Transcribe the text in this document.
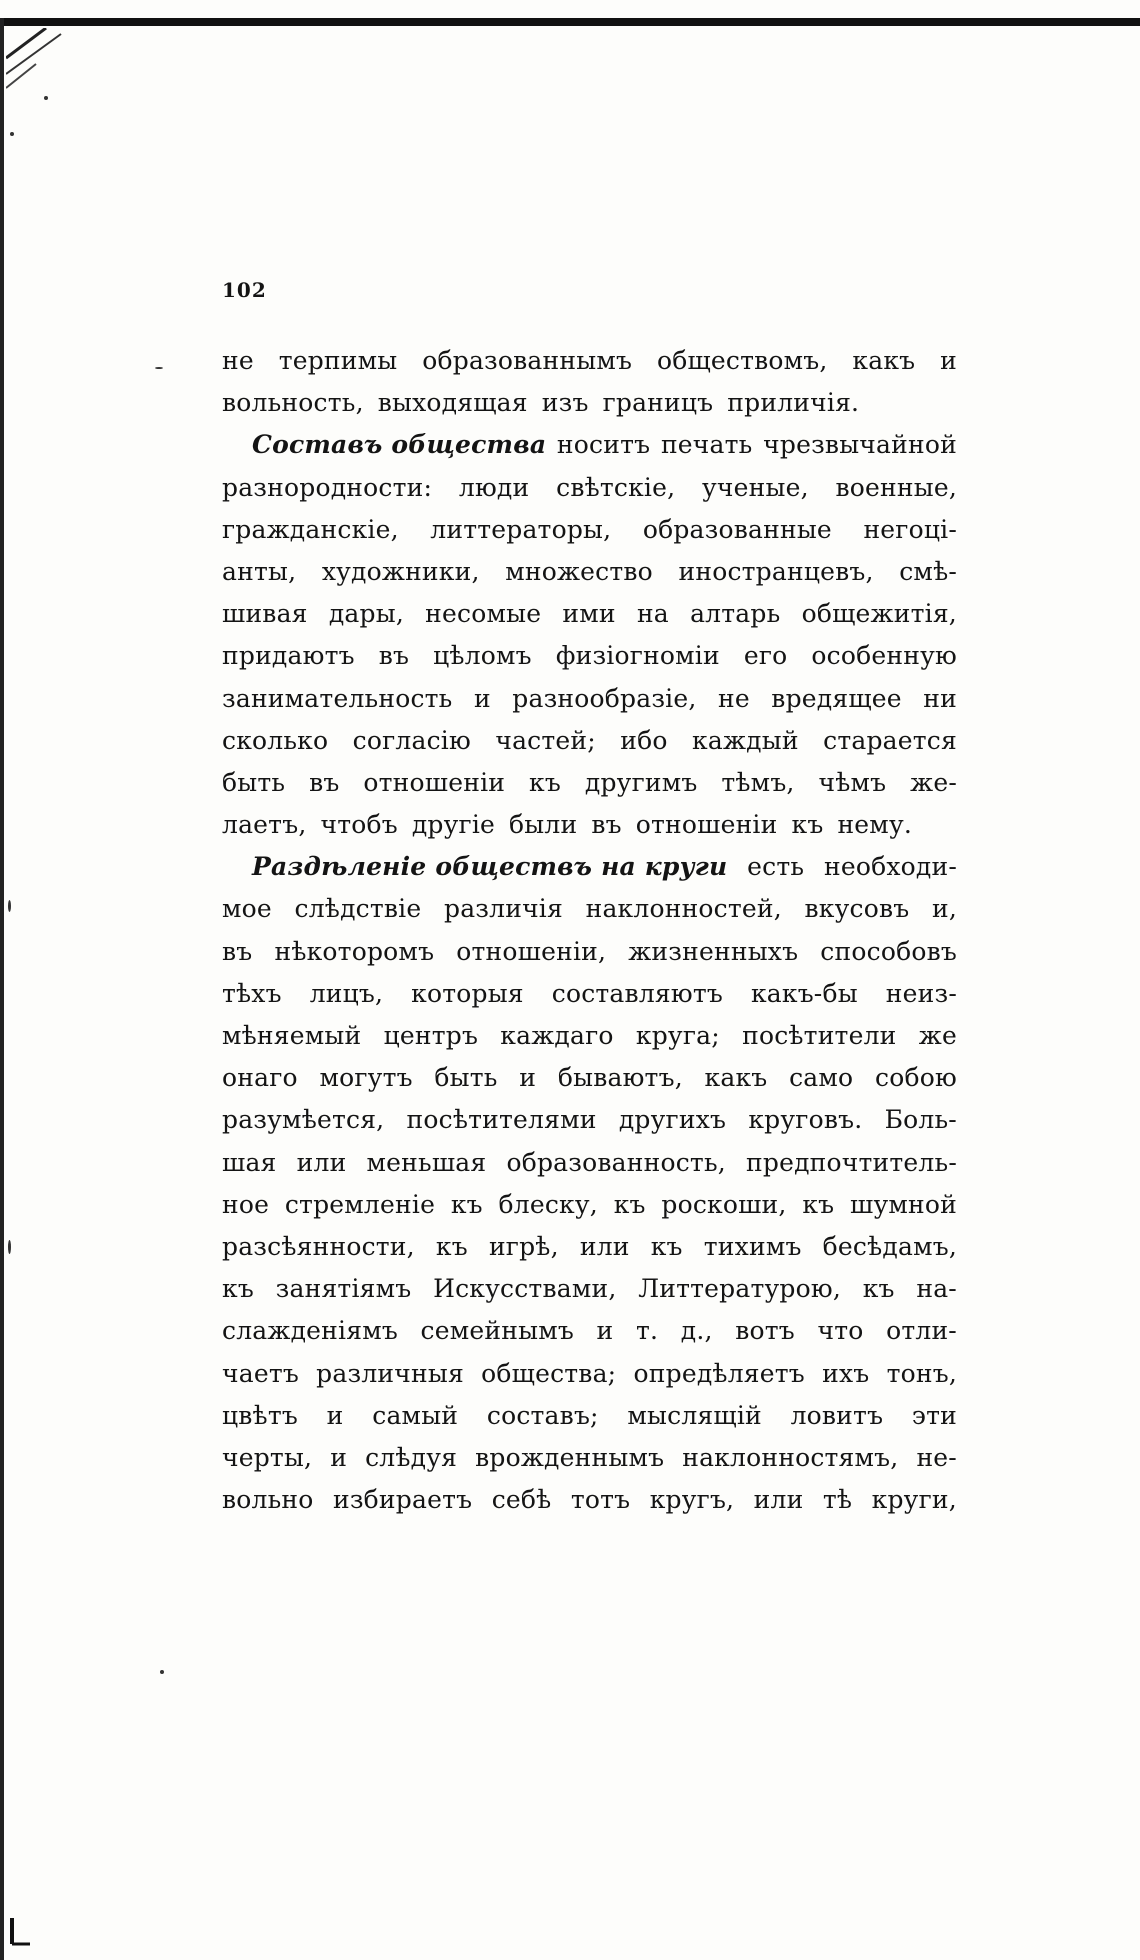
102
не терпимы образованнымъ обществомъ, какъ и
вольность, выходящая изъ границъ приличія.
Составъ общества носитъ печать чрезвычайной
разнородности: люди свѣтскіе, ученые, военные,
гражданскіе, литтераторы, образованные негоці-
анты, художники, множество иностранцевъ, смѣ-
шивая дары, несомые ими на алтарь общежитія,
придаютъ въ цѣломъ физіогноміи его особенную
занимательность и разнообразіе, не вредящее ни
сколько согласію частей; ибо каждый старается
быть въ отношеніи къ другимъ тѣмъ, чѣмъ же-
лаетъ, чтобъ другіе были въ отношеніи къ нему.
Раздѣленіе обществъ на круги есть необходи-
мое слѣдствіе различія наклонностей, вкусовъ и,
въ нѣкоторомъ отношеніи, жизненныхъ способовъ
тѣхъ лицъ, которыя составляютъ какъ-бы неиз-
мѣняемый центръ каждаго круга; посѣтители же
онаго могутъ быть и бываютъ, какъ само собою
разумѣется, посѣтителями другихъ круговъ. Боль-
шая или меньшая образованность, предпочтитель-
ное стремленіе къ блеску, къ роскоши, къ шумной
разсѣянности, къ игрѣ, или къ тихимъ бесѣдамъ,
къ занятіямъ Искусствами, Литтературою, къ на-
слажденіямъ семейнымъ и т. д., вотъ что отли-
чаетъ различныя общества; опредѣляетъ ихъ тонъ,
цвѣтъ и самый составъ; мыслящій ловитъ эти
черты, и слѣдуя врожденнымъ наклонностямъ, не-
вольно избираетъ себѣ тотъ кругъ, или тѣ круги,
